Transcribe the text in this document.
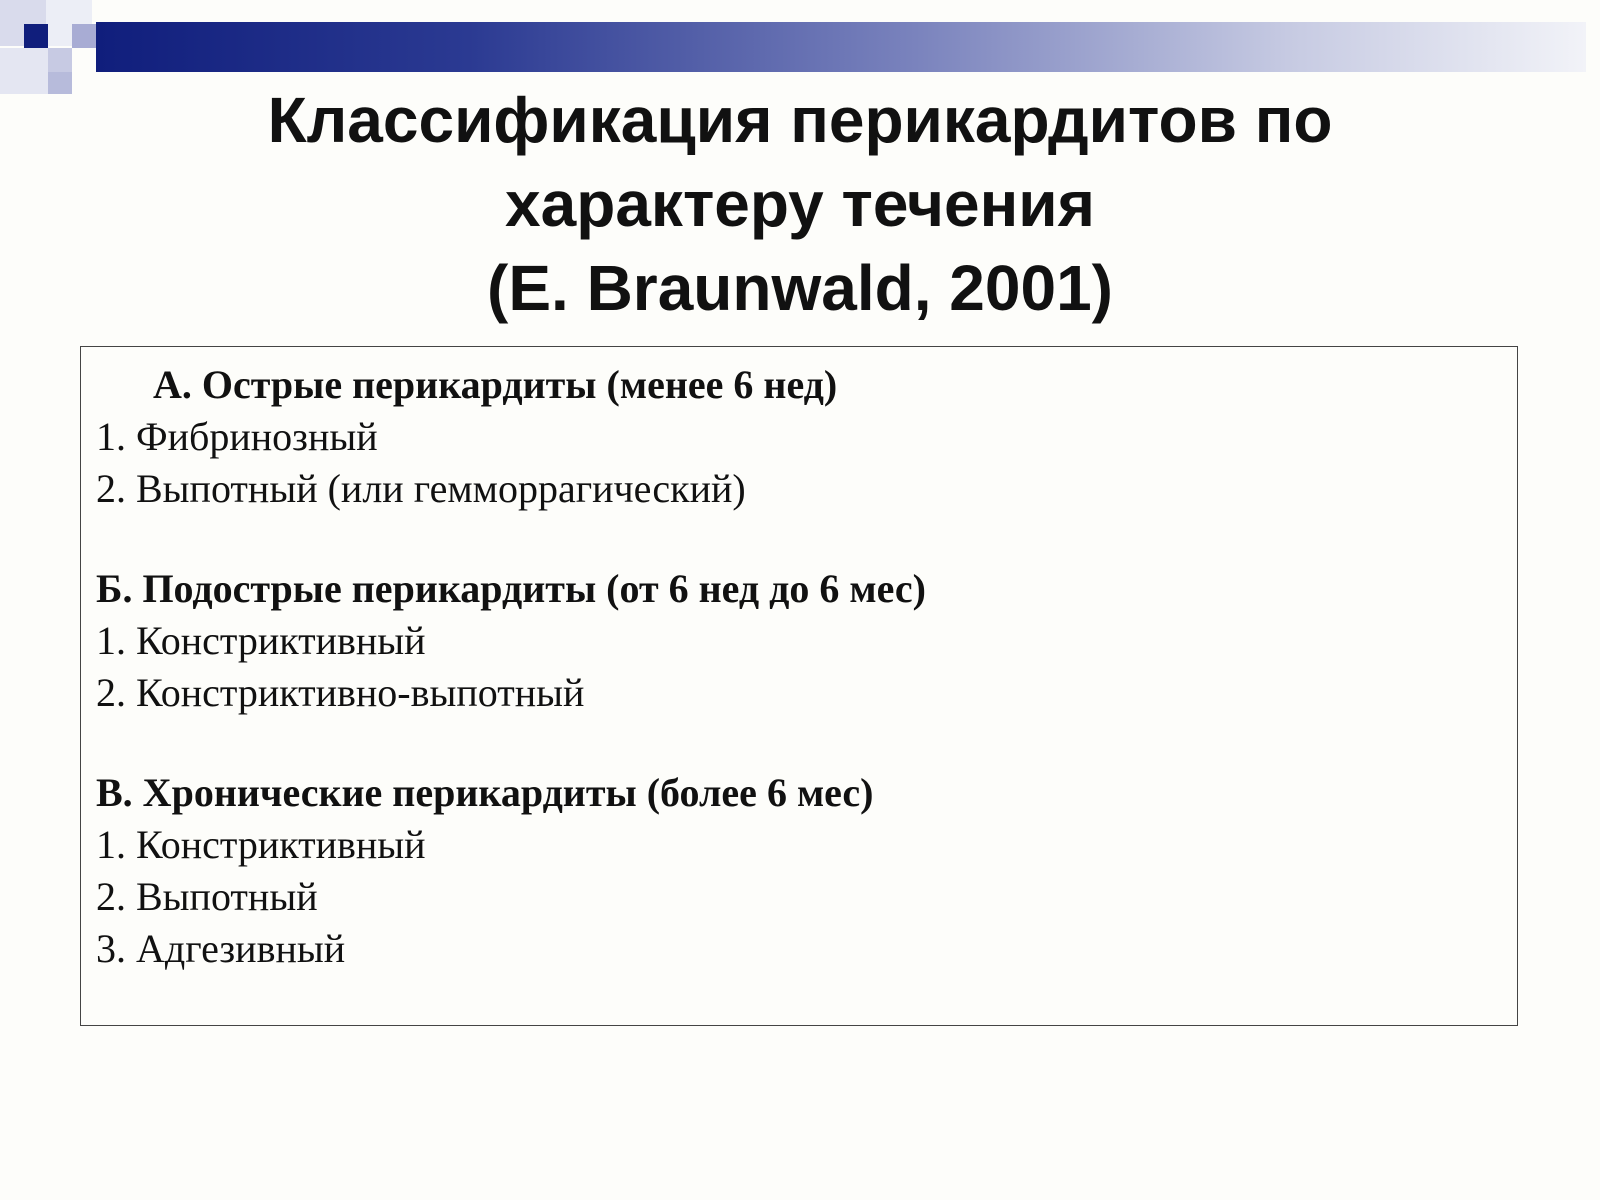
Классификация перикардитов по
характеру течения
(E. Braunwald, 2001)
А. Острые перикардиты (менее 6 нед)
1. Фибринозный
2. Выпотный (или гемморрагический)
Б. Подострые перикардиты (от 6 нед до 6 мес)
1. Констриктивный
2. Констриктивно-выпотный
В. Хронические перикардиты (более 6 мес)
1. Констриктивный
2. Выпотный
3. Адгезивный
